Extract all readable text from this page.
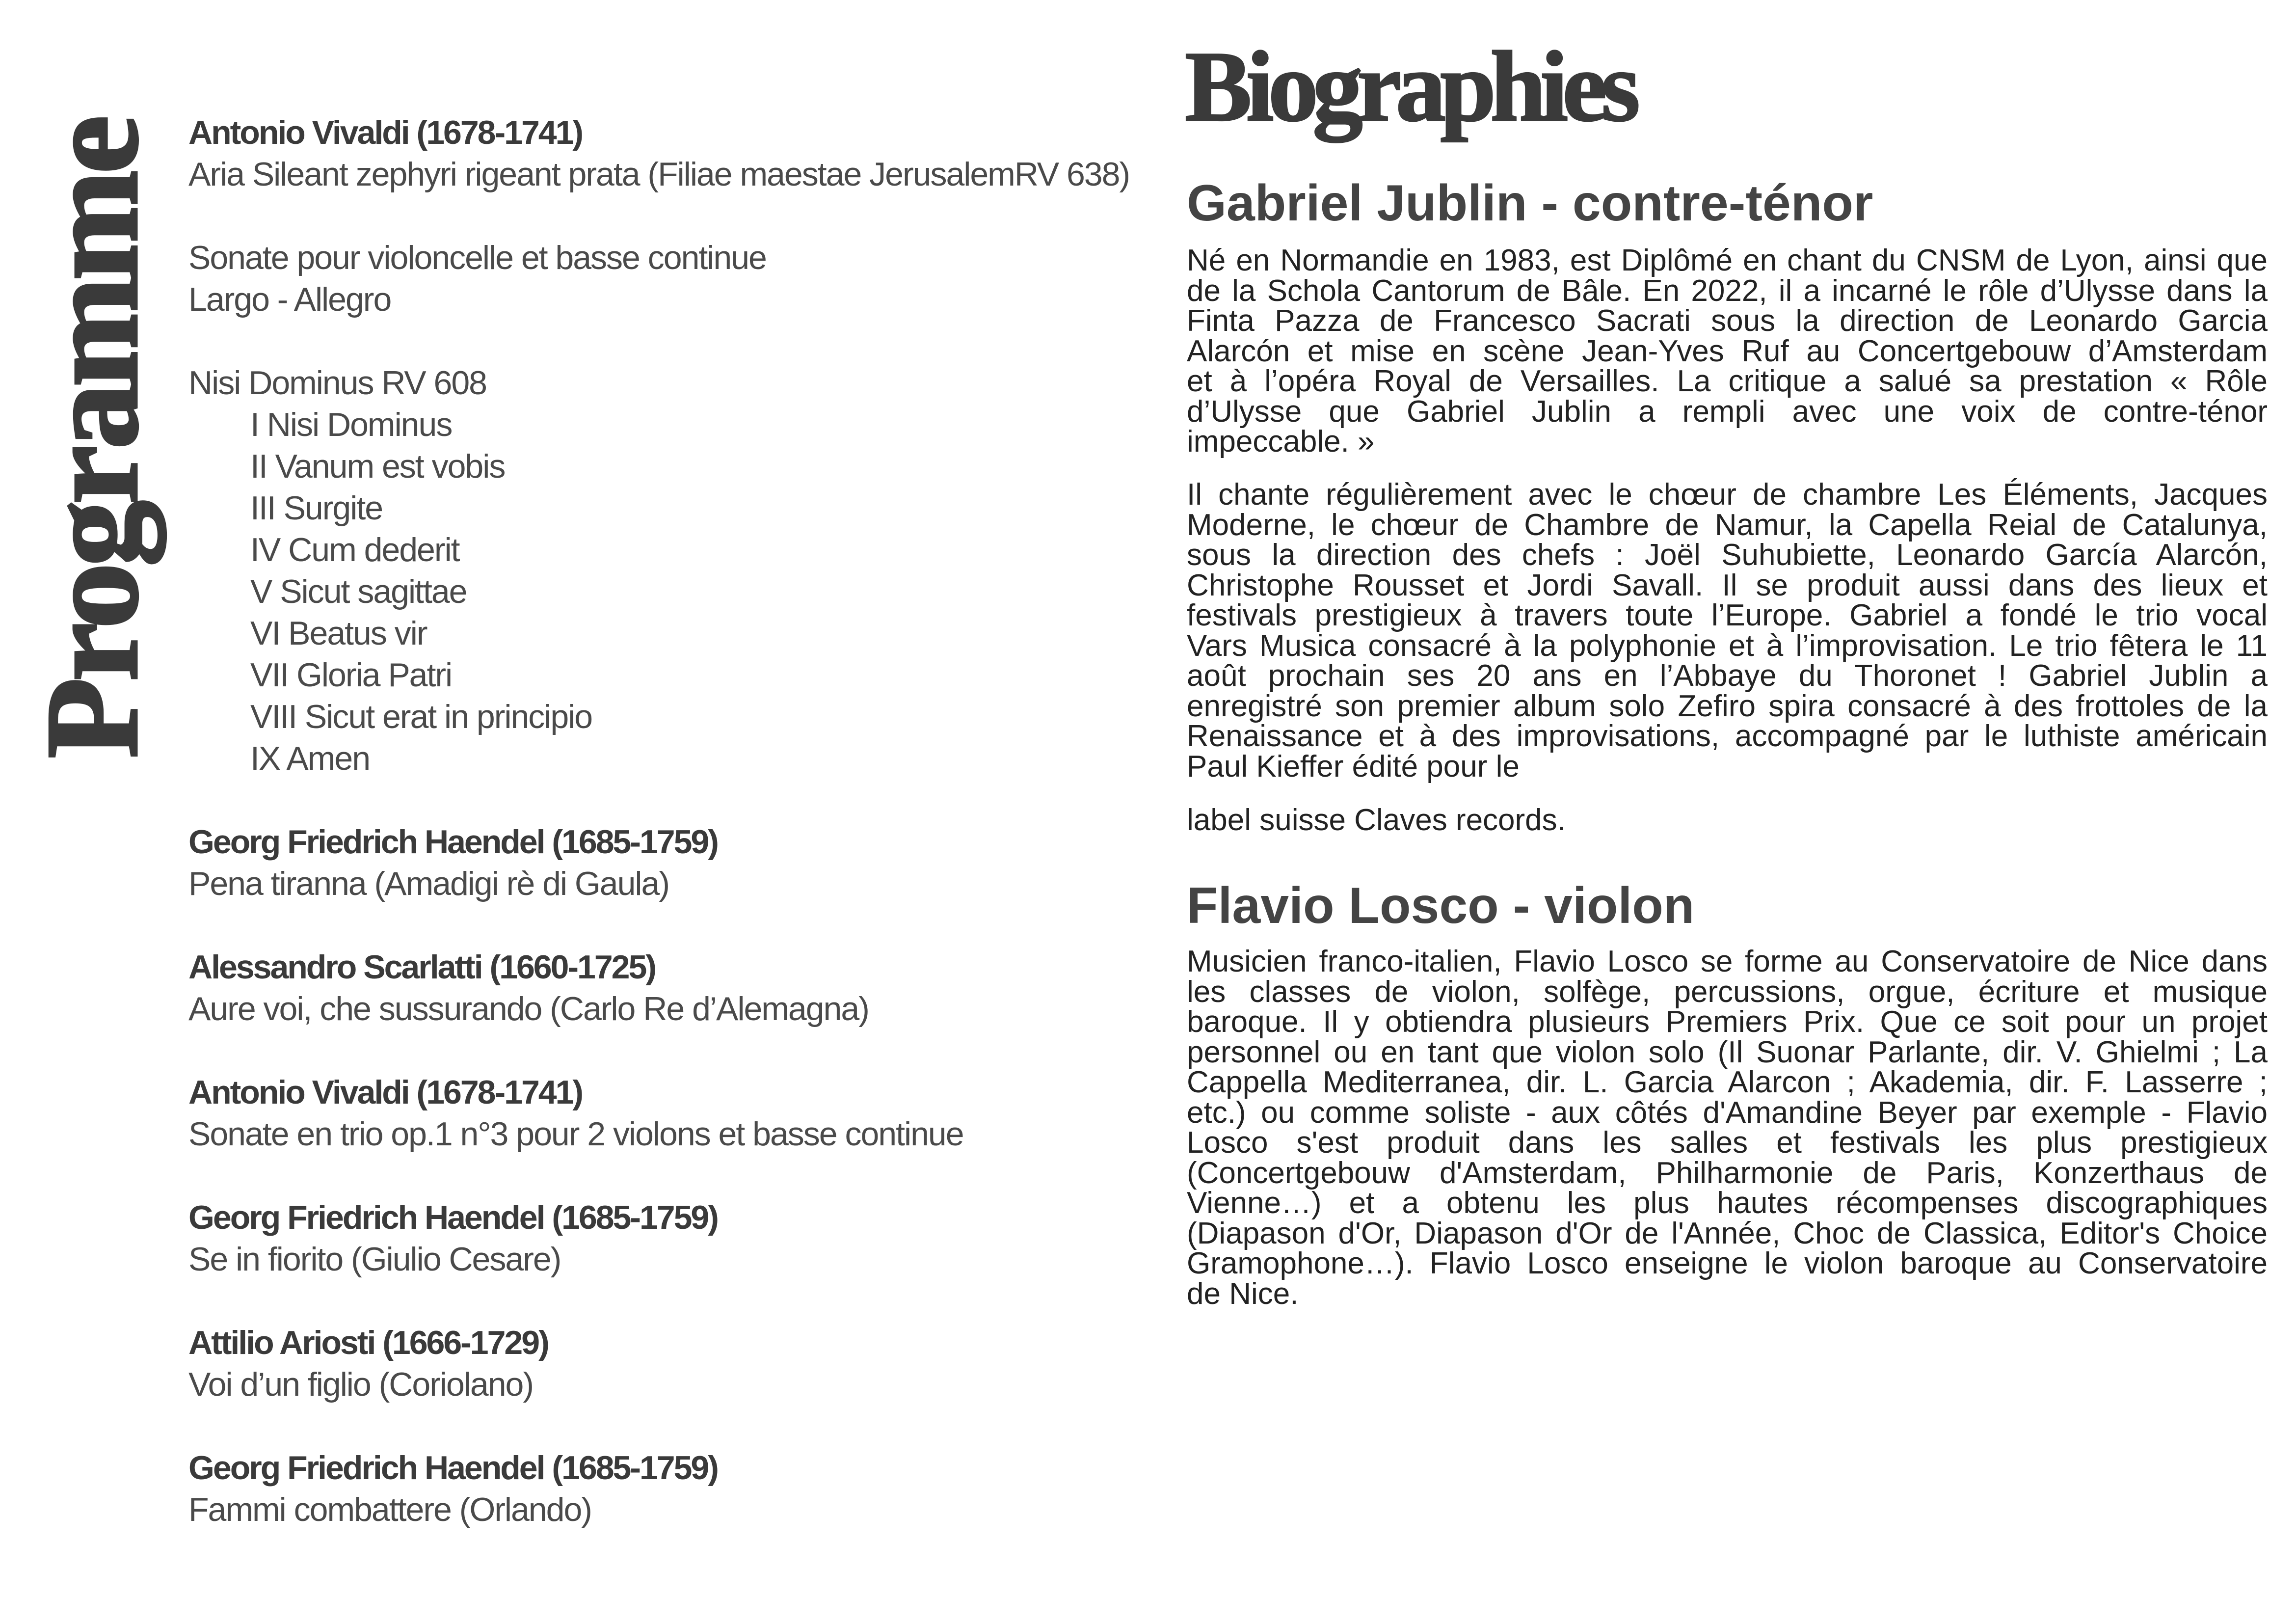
Programme Antonio Vivaldi (1678-1741)
Aria Sileant zephyri rigeant prata (Filiae maestae JerusalemRV 638)
Sonate pour violoncelle et basse continue
Largo - Allegro
Nisi Dominus RV 608
I Nisi Dominus
II Vanum est vobis
III Surgite
IV Cum dederit
V Sicut sagittae
VI Beatus vir
VII Gloria Patri
VIII Sicut erat in principio
IX Amen
Georg Friedrich Haendel (1685-1759)
Pena tiranna (Amadigi rè di Gaula)
Alessandro Scarlatti (1660-1725)
Aure voi, che sussurando (Carlo Re d’Alemagna)
Antonio Vivaldi (1678-1741)
Sonate en trio op.1 n°3 pour 2 violons et basse continue
Georg Friedrich Haendel (1685-1759)
Se in fiorito (Giulio Cesare)
Attilio Ariosti (1666-1729)
Voi d’un figlio (Coriolano)
Georg Friedrich Haendel (1685-1759)
Fammi combattere (Orlando)
Biographies
Gabriel Jublin - contre-ténor
Né en Normandie en 1983, est Diplômé en chant du CNSM de Lyon, ainsi que
de la Schola Cantorum de Bâle. En 2022, il a incarné le rôle d’Ulysse dans la
Finta Pazza de Francesco Sacrati sous la direction de Leonardo Garcia
Alarcón et mise en scène Jean-Yves Ruf au Concertgebouw d’Amsterdam
et à l’opéra Royal de Versailles. La critique a salué sa prestation « Rôle
d’Ulysse que Gabriel Jublin a rempli avec une voix de contre-ténor
impeccable. »
Il chante régulièrement avec le chœur de chambre Les Éléments, Jacques
Moderne, le chœur de Chambre de Namur, la Capella Reial de Catalunya,
sous la direction des chefs : Joël Suhubiette, Leonardo García Alarcón,
Christophe Rousset et Jordi Savall. Il se produit aussi dans des lieux et
festivals prestigieux à travers toute l’Europe. Gabriel a fondé le trio vocal
Vars Musica consacré à la polyphonie et à l’improvisation. Le trio fêtera le 11
août prochain ses 20 ans en l’Abbaye du Thoronet ! Gabriel Jublin a
enregistré son premier album solo Zefiro spira consacré à des frottoles de la
Renaissance et à des improvisations, accompagné par le luthiste américain
Paul Kieffer édité pour le
label suisse Claves records.
Flavio Losco - violon
Musicien franco-italien, Flavio Losco se forme au Conservatoire de Nice dans
les classes de violon, solfège, percussions, orgue, écriture et musique
baroque. Il y obtiendra plusieurs Premiers Prix. Que ce soit pour un projet
personnel ou en tant que violon solo (Il Suonar Parlante, dir. V. Ghielmi ; La
Cappella Mediterranea, dir. L. Garcia Alarcon ; Akademia, dir. F. Lasserre ;
etc.) ou comme soliste - aux côtés d'Amandine Beyer par exemple - Flavio
Losco s'est produit dans les salles et festivals les plus prestigieux
(Concertgebouw d'Amsterdam, Philharmonie de Paris, Konzerthaus de
Vienne…) et a obtenu les plus hautes récompenses discographiques
(Diapason d'Or, Diapason d'Or de l'Année, Choc de Classica, Editor's Choice
Gramophone…). Flavio Losco enseigne le violon baroque au Conservatoire
de Nice.
